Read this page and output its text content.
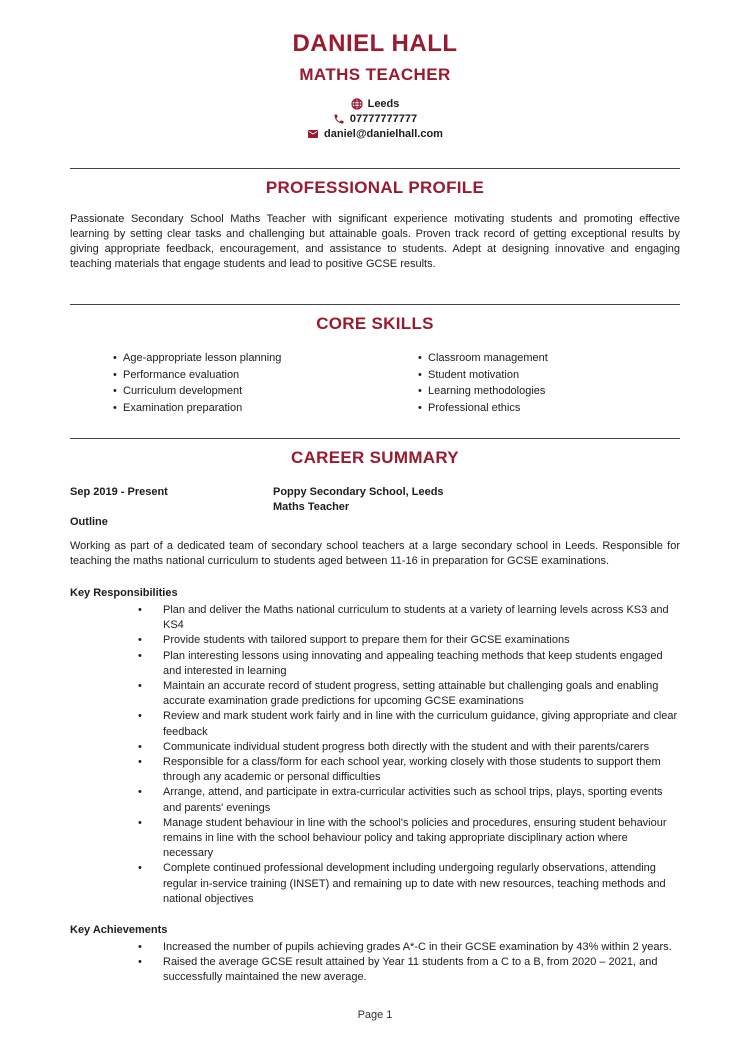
DANIEL HALL
MATHS TEACHER
Leeds
07777777777
daniel@danielhall.com
PROFESSIONAL PROFILE

Passionate Secondary School Maths Teacher with significant experience motivating students and promoting effective learning by setting clear tasks and challenging but attainable goals. Proven track record of getting exceptional results by giving appropriate feedback, encouragement, and assistance to students. Adept at designing innovative and engaging teaching materials that engage students and lead to positive GCSE results.

CORE SKILLS
• Age-appropriate lesson planning
• Performance evaluation
• Curriculum development
• Examination preparation
• Classroom management
• Student motivation
• Learning methodologies
• Professional ethics
CAREER SUMMARY
Sep 2019 - Present	Poppy Secondary School, Leeds
Maths Teacher
Outline

Working as part of a dedicated team of secondary school teachers at a large secondary school in Leeds. Responsible for teaching the maths national curriculum to students aged between 11-16 in preparation for GCSE examinations.

Key Responsibilities
• Plan and deliver the Maths national curriculum to students at a variety of learning levels across KS3 and KS4
• Provide students with tailored support to prepare them for their GCSE examinations
• Plan interesting lessons using innovating and appealing teaching methods that keep students engaged and interested in learning
• Maintain an accurate record of student progress, setting attainable but challenging goals and enabling accurate examination grade predictions for upcoming GCSE examinations
• Review and mark student work fairly and in line with the curriculum guidance, giving appropriate and clear feedback
• Communicate individual student progress both directly with the student and with their parents/carers
• Responsible for a class/form for each school year, working closely with those students to support them through any academic or personal difficulties
• Arrange, attend, and participate in extra-curricular activities such as school trips, plays, sporting events and parents' evenings
• Manage student behaviour in line with the school's policies and procedures, ensuring student behaviour remains in line with the school behaviour policy and taking appropriate disciplinary action where necessary
• Complete continued professional development including undergoing regularly observations, attending regular in-service training (INSET) and remaining up to date with new resources, teaching methods and national objectives
Key Achievements
• Increased the number of pupils achieving grades A*-C in their GCSE examination by 43% within 2 years.
• Raised the average GCSE result attained by Year 11 students from a C to a B, from 2020 – 2021, and successfully maintained the new average.
Page 1
